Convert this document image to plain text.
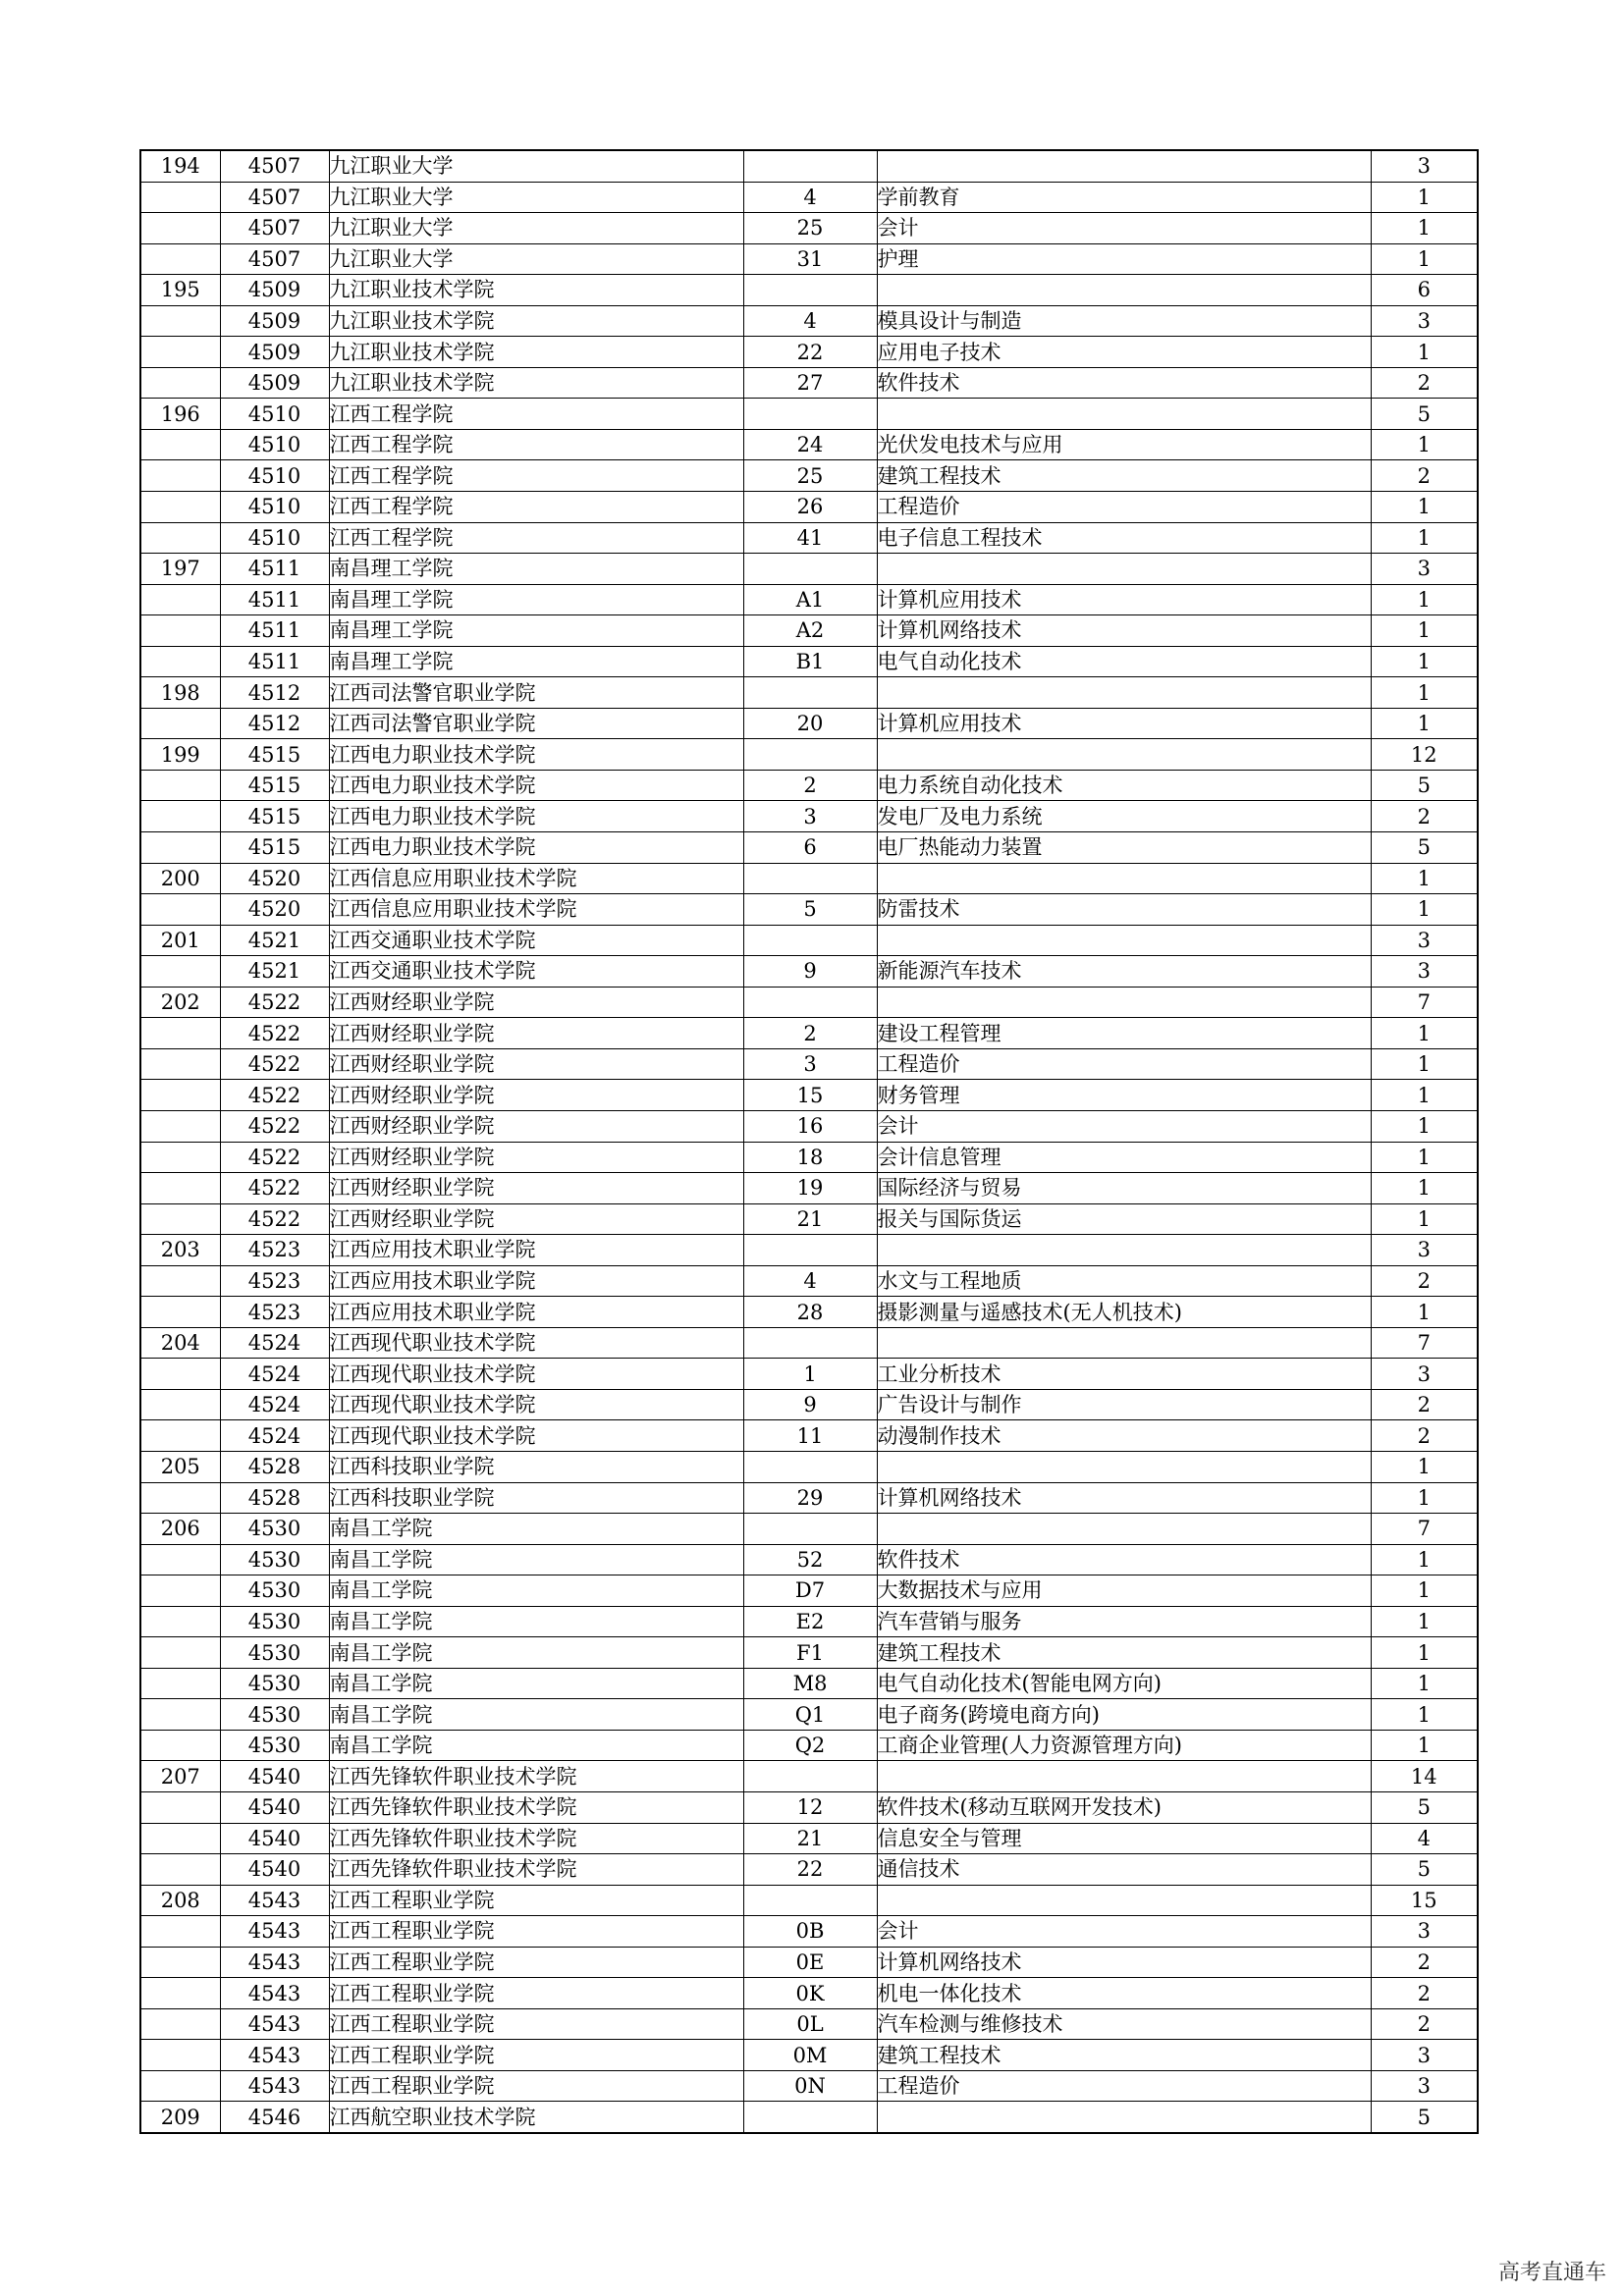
194	4507	九江职业大学			3
	4507	九江职业大学	4	学前教育	1
	4507	九江职业大学	25	会计	1
	4507	九江职业大学	31	护理	1
195	4509	九江职业技术学院			6
	4509	九江职业技术学院	4	模具设计与制造	3
	4509	九江职业技术学院	22	应用电子技术	1
	4509	九江职业技术学院	27	软件技术	2
196	4510	江西工程学院			5
	4510	江西工程学院	24	光伏发电技术与应用	1
	4510	江西工程学院	25	建筑工程技术	2
	4510	江西工程学院	26	工程造价	1
	4510	江西工程学院	41	电子信息工程技术	1
197	4511	南昌理工学院			3
	4511	南昌理工学院	A1	计算机应用技术	1
	4511	南昌理工学院	A2	计算机网络技术	1
	4511	南昌理工学院	B1	电气自动化技术	1
198	4512	江西司法警官职业学院			1
	4512	江西司法警官职业学院	20	计算机应用技术	1
199	4515	江西电力职业技术学院			12
	4515	江西电力职业技术学院	2	电力系统自动化技术	5
	4515	江西电力职业技术学院	3	发电厂及电力系统	2
	4515	江西电力职业技术学院	6	电厂热能动力装置	5
200	4520	江西信息应用职业技术学院			1
	4520	江西信息应用职业技术学院	5	防雷技术	1
201	4521	江西交通职业技术学院			3
	4521	江西交通职业技术学院	9	新能源汽车技术	3
202	4522	江西财经职业学院			7
	4522	江西财经职业学院	2	建设工程管理	1
	4522	江西财经职业学院	3	工程造价	1
	4522	江西财经职业学院	15	财务管理	1
	4522	江西财经职业学院	16	会计	1
	4522	江西财经职业学院	18	会计信息管理	1
	4522	江西财经职业学院	19	国际经济与贸易	1
	4522	江西财经职业学院	21	报关与国际货运	1
203	4523	江西应用技术职业学院			3
	4523	江西应用技术职业学院	4	水文与工程地质	2
	4523	江西应用技术职业学院	28	摄影测量与遥感技术(无人机技术)	1
204	4524	江西现代职业技术学院			7
	4524	江西现代职业技术学院	1	工业分析技术	3
	4524	江西现代职业技术学院	9	广告设计与制作	2
	4524	江西现代职业技术学院	11	动漫制作技术	2
205	4528	江西科技职业学院			1
	4528	江西科技职业学院	29	计算机网络技术	1
206	4530	南昌工学院			7
	4530	南昌工学院	52	软件技术	1
	4530	南昌工学院	D7	大数据技术与应用	1
	4530	南昌工学院	E2	汽车营销与服务	1
	4530	南昌工学院	F1	建筑工程技术	1
	4530	南昌工学院	M8	电气自动化技术(智能电网方向)	1
	4530	南昌工学院	Q1	电子商务(跨境电商方向)	1
	4530	南昌工学院	Q2	工商企业管理(人力资源管理方向)	1
207	4540	江西先锋软件职业技术学院			14
	4540	江西先锋软件职业技术学院	12	软件技术(移动互联网开发技术)	5
	4540	江西先锋软件职业技术学院	21	信息安全与管理	4
	4540	江西先锋软件职业技术学院	22	通信技术	5
208	4543	江西工程职业学院			15
	4543	江西工程职业学院	0B	会计	3
	4543	江西工程职业学院	0E	计算机网络技术	2
	4543	江西工程职业学院	0K	机电一体化技术	2
	4543	江西工程职业学院	0L	汽车检测与维修技术	2
	4543	江西工程职业学院	0M	建筑工程技术	3
	4543	江西工程职业学院	0N	工程造价	3
209	4546	江西航空职业技术学院			5
高考直通车
